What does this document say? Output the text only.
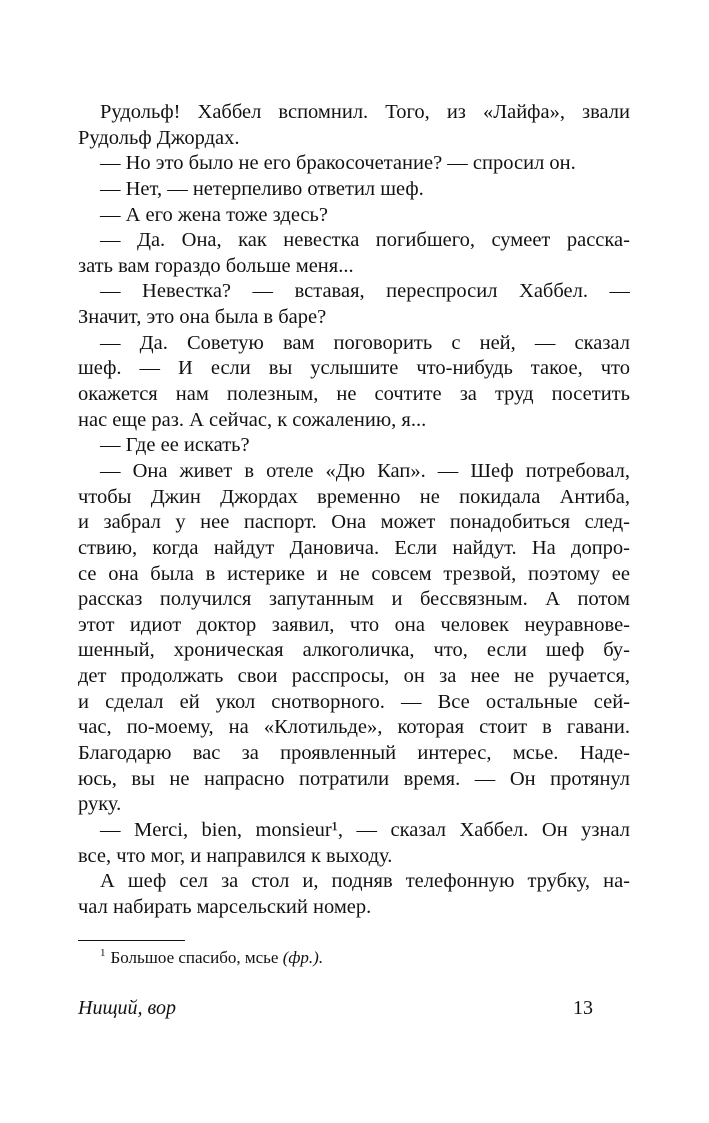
Рудольф! Хаббел вспомнил. Того, из «Лайфа», звали
Рудольф Джордах.
— Но это было не его бракосочетание? — спросил он.
— Нет, — нетерпеливо ответил шеф.
— А его жена тоже здесь?
— Да. Она, как невестка погибшего, сумеет расска-
зать вам гораздо больше меня...
— Невестка? — вставая, переспросил Хаббел. —
Значит, это она была в баре?
— Да. Советую вам поговорить с ней, — сказал
шеф. — И если вы услышите что-нибудь такое, что
окажется нам полезным, не сочтите за труд посетить
нас еще раз. А сейчас, к сожалению, я...
— Где ее искать?
— Она живет в отеле «Дю Кап». — Шеф потребовал,
чтобы Джин Джордах временно не покидала Антиба,
и забрал у нее паспорт. Она может понадобиться след-
ствию, когда найдут Дановича. Если найдут. На допро-
се она была в истерике и не совсем трезвой, поэтому ее
рассказ получился запутанным и бессвязным. А потом
этот идиот доктор заявил, что она человек неуравнове-
шенный, хроническая алкоголичка, что, если шеф бу-
дет продолжать свои расспросы, он за нее не ручается,
и сделал ей укол снотворного. — Все остальные сей-
час, по-моему, на «Клотильде», которая стоит в гавани.
Благодарю вас за проявленный интерес, мсье. Наде-
юсь, вы не напрасно потратили время. — Он протянул
руку.
— Merci, bien, monsieur¹, — сказал Хаббел. Он узнал
все, что мог, и направился к выходу.
А шеф сел за стол и, подняв телефонную трубку, на-
чал набирать марсельский номер.
$^1$ Большое спасибо, мсье (фр.).
Нищий, вор	13
